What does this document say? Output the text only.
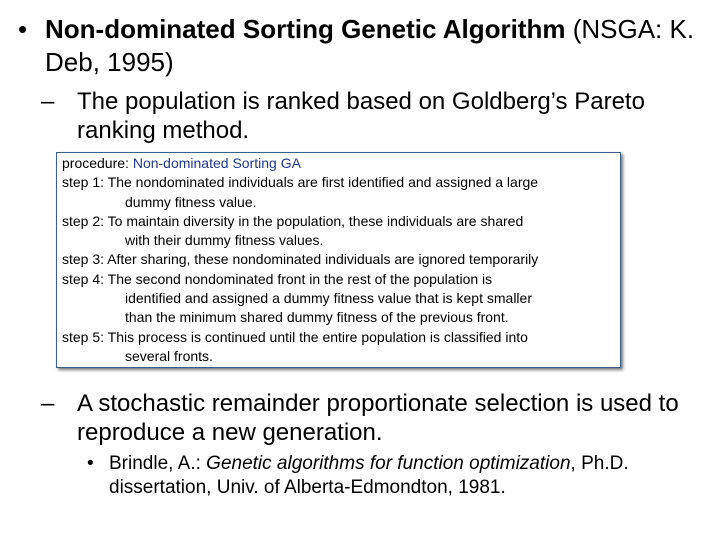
• Non-dominated Sorting Genetic Algorithm (NSGA: K. Deb, 1995)
– The population is ranked based on Goldberg’s Pareto ranking method.
procedure: Non-dominated Sorting GA
step 1: The nondominated individuals are first identified and assigned a large
dummy fitness value.
step 2: To maintain diversity in the population, these individuals are shared
with their dummy fitness values.
step 3: After sharing, these nondominated individuals are ignored temporarily
step 4: The second nondominated front in the rest of the population is
identified and assigned a dummy fitness value that is kept smaller
than the minimum shared dummy fitness of the previous front.
step 5: This process is continued until the entire population is classified into
several fronts.
– A stochastic remainder proportionate selection is used to reproduce a new generation.
• Brindle, A.: Genetic algorithms for function optimization, Ph.D. dissertation, Univ. of Alberta-Edmondton, 1981.
